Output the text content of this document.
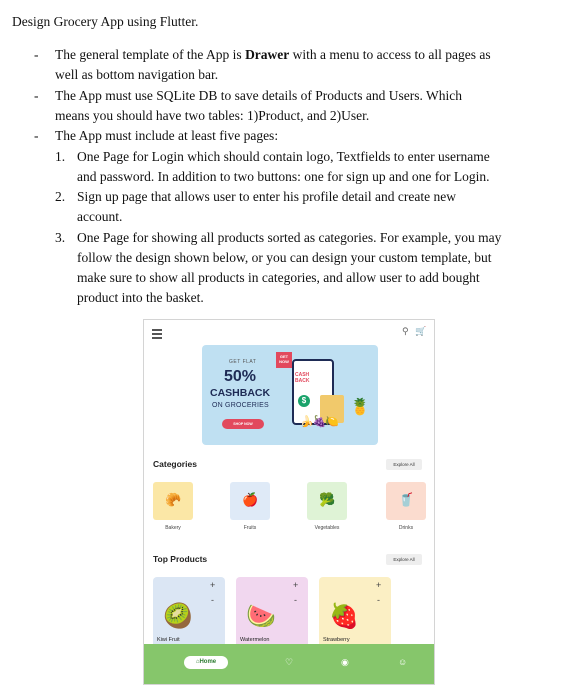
Design Grocery App using Flutter.
- The general template of the App is Drawer with a menu to access to all pages as
well as bottom navigation bar.
- The App must use SQLite DB to save details of Products and Users. Which
means you should have two tables: 1)Product, and 2)User.
- The App must include at least five pages:
1. One Page for Login which should contain logo, Textfields to enter username
and password. In addition to two buttons: one for sign up and one for Login.
2. Sign up page that allows user to enter his profile detail and create new
account.
3. One Page for showing all products sorted as categories. For example, you may
follow the design shown below, or you can design your custom template, but
make sure to show all products in categories, and allow user to add bought
product into the basket.
⚲ 🛒
GET FLAT
GET NOW
50%
CASHBACK
ON GROCERIES
SHOP NOW
CASH BACK
$	🍍
🍌🍇🍋
Categories	Explore All
🥐
Bakery
🍎
Fruits
🥦
Vegetables
🥤
Drinks
Top Products	Explore All
+
-
🥝
Kiwi Fruit
+
-
🍉
Watermelon
+
-
🍓
Strawberry
⌂Home	♡	◉	☺
